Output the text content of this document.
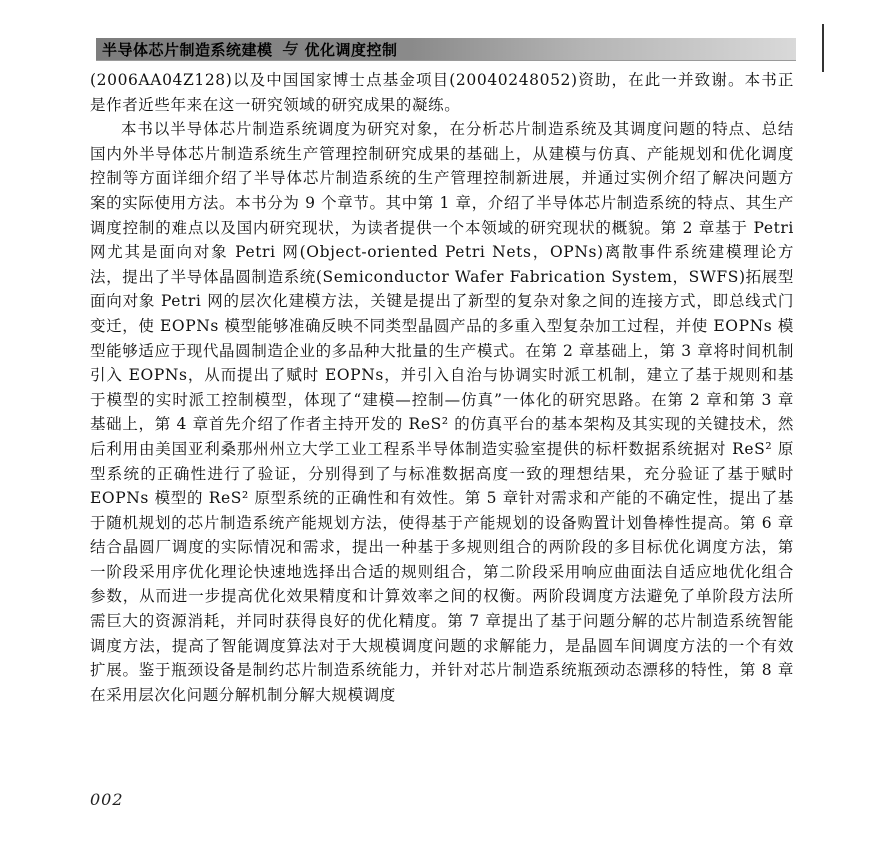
半导体芯片制造系统建模 与 优化调度控制

(2006AA04Z128)以及中国国家博士点基金项目(20040248052)资助，在此一并致谢。本书正是作者近些年来在这一研究领域的研究成果的凝练。

本书以半导体芯片制造系统调度为研究对象，在分析芯片制造系统及其调度问题的特点、总结国内外半导体芯片制造系统生产管理控制研究成果的基础上，从建模与仿真、产能规划和优化调度控制等方面详细介绍了半导体芯片制造系统的生产管理控制新进展，并通过实例介绍了解决问题方案的实际使用方法。本书分为 9 个章节。其中第 1 章，介绍了半导体芯片制造系统的特点、其生产调度控制的难点以及国内研究现状，为读者提供一个本领域的研究现状的概貌。第 2 章基于 Petri 网尤其是面向对象 Petri 网(Object-oriented Petri Nets，OPNs)离散事件系统建模理论方法，提出了半导体晶圆制造系统(Semiconductor Wafer Fabrication System，SWFS)拓展型面向对象 Petri 网的层次化建模方法，关键是提出了新型的复杂对象之间的连接方式，即总线式门变迁，使 EOPNs 模型能够准确反映不同类型晶圆产品的多重入型复杂加工过程，并使 EOPNs 模型能够适应于现代晶圆制造企业的多品种大批量的生产模式。在第 2 章基础上，第 3 章将时间机制引入 EOPNs，从而提出了赋时 EOPNs，并引入自治与协调实时派工机制，建立了基于规则和基于模型的实时派工控制模型，体现了“建模—控制—仿真”一体化的研究思路。在第 2 章和第 3 章基础上，第 4 章首先介绍了作者主持开发的 ReS² 的仿真平台的基本架构及其实现的关键技术，然后利用由美国亚利桑那州州立大学工业工程系半导体制造实验室提供的标杆数据系统据对 ReS² 原型系统的正确性进行了验证，分别得到了与标准数据高度一致的理想结果，充分验证了基于赋时 EOPNs 模型的 ReS² 原型系统的正确性和有效性。第 5 章针对需求和产能的不确定性，提出了基于随机规划的芯片制造系统产能规划方法，使得基于产能规划的设备购置计划鲁棒性提高。第 6 章结合晶圆厂调度的实际情况和需求，提出一种基于多规则组合的两阶段的多目标优化调度方法，第一阶段采用序优化理论快速地选择出合适的规则组合，第二阶段采用响应曲面法自适应地优化组合参数，从而进一步提高优化效果精度和计算效率之间的权衡。两阶段调度方法避免了单阶段方法所需巨大的资源消耗，并同时获得良好的优化精度。第 7 章提出了基于问题分解的芯片制造系统智能调度方法，提高了智能调度算法对于大规模调度问题的求解能力，是晶圆车间调度方法的一个有效扩展。鉴于瓶颈设备是制约芯片制造系统能力，并针对芯片制造系统瓶颈动态漂移的特性，第 8 章在采用层次化问题分解机制分解大规模调度

002
